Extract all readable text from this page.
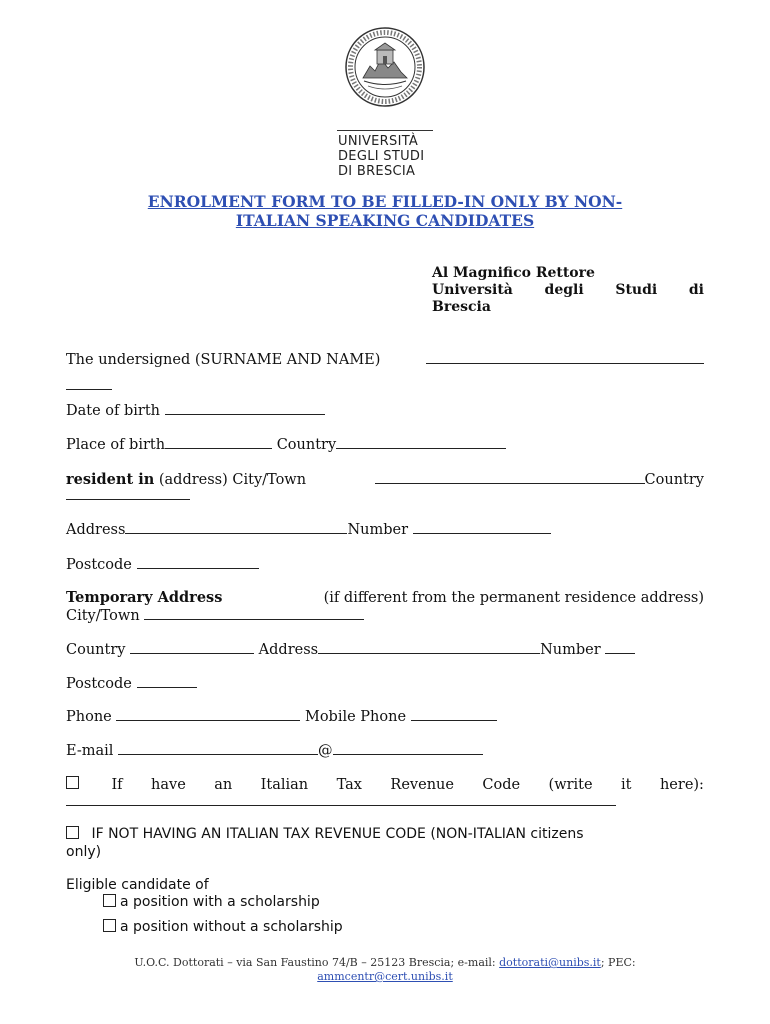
UNIVERSITÀ
DEGLI STUDI
DI BRESCIA
ENROLMENT FORM TO BE FILLED-IN ONLY BY NON-
ITALIAN SPEAKING CANDIDATES
Al Magnifico Rettore
Università degli Studi di
Brescia
The undersigned (SURNAME AND NAME)
Date of birth
Place of birth	Country
resident in (address) City/Town	Country
Address	Number
Postcode
Temporary Address	(if different from the permanent residence address)
City/Town
Country	Address	Number
Postcode
Phone	Mobile Phone
E-mail	@
If have an Italian Tax Revenue Code (write it here):
IF NOT HAVING AN ITALIAN TAX REVENUE CODE (NON-ITALIAN citizens
only)
Eligible candidate of
a position with a scholarship
a position without a scholarship
U.O.C. Dottorati – via San Faustino 74/B – 25123 Brescia; e-mail: dottorati@unibs.it; PEC:
ammcentr@cert.unibs.it
